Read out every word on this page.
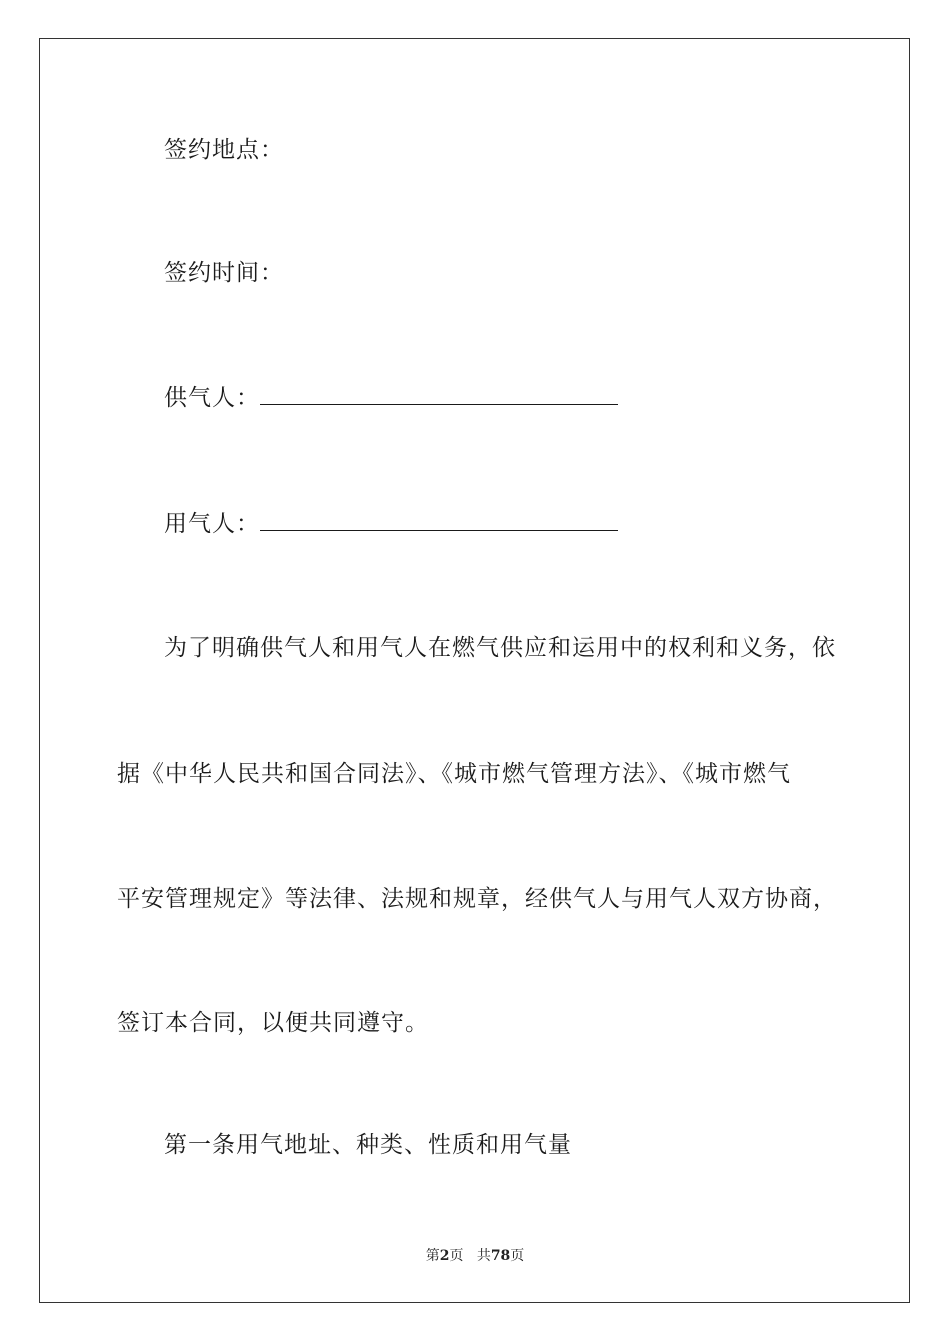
签约地点：
签约时间：
供气人：
用气人：
为了明确供气人和用气人在燃气供应和运用中的权利和义务，依
据《中华人民共和国合同法》、《城市燃气管理方法》、《城市燃气
平安管理规定》等法律、法规和规章，经供气人与用气人双方协商，
签订本合同，以便共同遵守。
第一条用气地址、种类、性质和用气量
第2页 共78页
